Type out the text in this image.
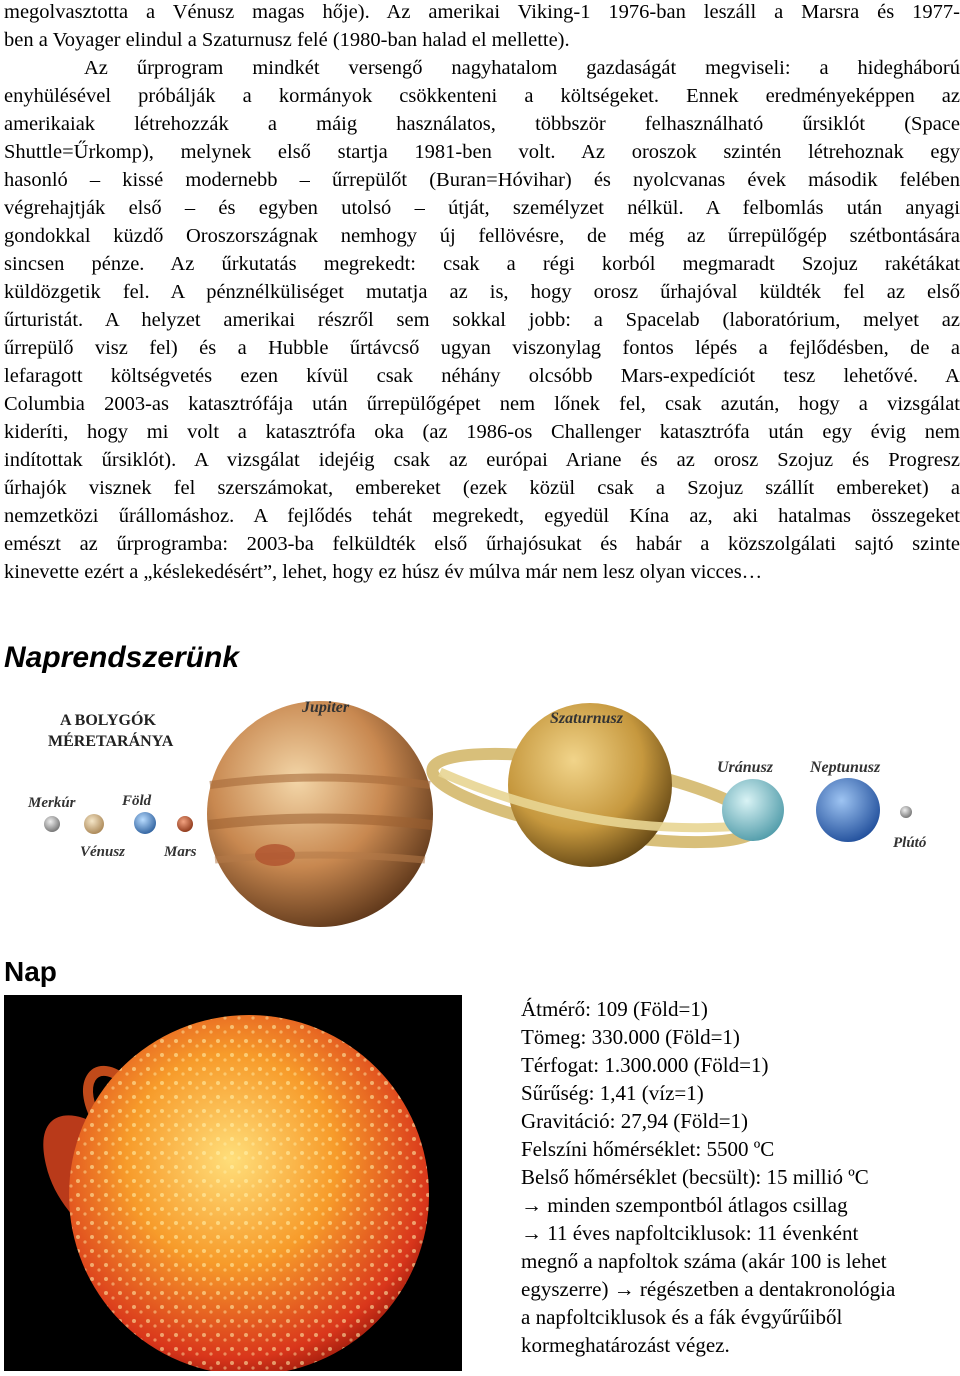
megolvasztotta a Vénusz magas hője). Az amerikai Viking-1 1976-ban leszáll a Marsra és 1977-
ben a Voyager elindul a Szaturnusz felé (1980-ban halad el mellette).
Az űrprogram mindkét versengő nagyhatalom gazdaságát megviseli: a hidegháború
enyhülésével próbálják a kormányok csökkenteni a költségeket. Ennek eredményeképpen az
amerikaiak létrehozzák a máig használatos, többször felhasználható űrsiklót (Space
Shuttle=Űrkomp), melynek első startja 1981-ben volt. Az oroszok szintén létrehoznak egy
hasonló – kissé modernebb – űrrepülőt (Buran=Hóvihar) és nyolcvanas évek második felében
végrehajtják első – és egyben utolsó – útját, személyzet nélkül. A felbomlás után anyagi
gondokkal küzdő Oroszországnak nemhogy új fellövésre, de még az űrrepülőgép szétbontására
sincsen pénze. Az űrkutatás megrekedt: csak a régi korból megmaradt Szojuz rakétákat
küldözgetik fel. A pénznélküliséget mutatja az is, hogy orosz űrhajóval küldték fel az első
űrturistát. A helyzet amerikai részről sem sokkal jobb: a Spacelab (laboratórium, melyet az
űrrepülő visz fel) és a Hubble űrtávcső ugyan viszonylag fontos lépés a fejlődésben, de a
lefaragott költségvetés ezen kívül csak néhány olcsóbb Mars-expedíciót tesz lehetővé. A
Columbia 2003-as katasztrófája után űrrepülőgépet nem lőnek fel, csak azután, hogy a vizsgálat
kideríti, hogy mi volt a katasztrófa oka (az 1986-os Challenger katasztrófa után egy évig nem
indítottak űrsiklót). A vizsgálat idejéig csak az európai Ariane és az orosz Szojuz és Progresz
űrhajók visznek fel szerszámokat, embereket (ezek közül csak a Szojuz szállít embereket) a
nemzetközi űrállomáshoz. A fejlődés tehát megrekedt, egyedül Kína az, aki hatalmas összegeket
emészt az űrprogramba: 2003-ba felküldték első űrhajósukat és habár a közszolgálati sajtó szinte
kinevette ezért a „késlekedésért”, lehet, hogy ez húsz év múlva már nem lesz olyan vicces…

Naprendszerünk
A BOLYGÓK
MÉRETARÁNYA
Merkúr
Vénusz
Föld
Mars
Jupiter
Szaturnusz
Uránusz Neptunusz
Plútó
Nap
Átmérő: 109 (Föld=1)
Tömeg: 330.000 (Föld=1)
Térfogat: 1.300.000 (Föld=1)
Sűrűség: 1,41 (víz=1)
Gravitáció: 27,94 (Föld=1)
Felszíni hőmérséklet: 5500 ºC
Belső hőmérséklet (becsült): 15 millió ºC
→ minden szempontból átlagos csillag
→ 11 éves napfoltciklusok: 11 évenként
megnő a napfoltok száma (akár 100 is lehet
egyszerre) → régészetben a dentakronológia
a napfoltciklusok és a fák évgyűrűiből
kormeghatározást végez.
